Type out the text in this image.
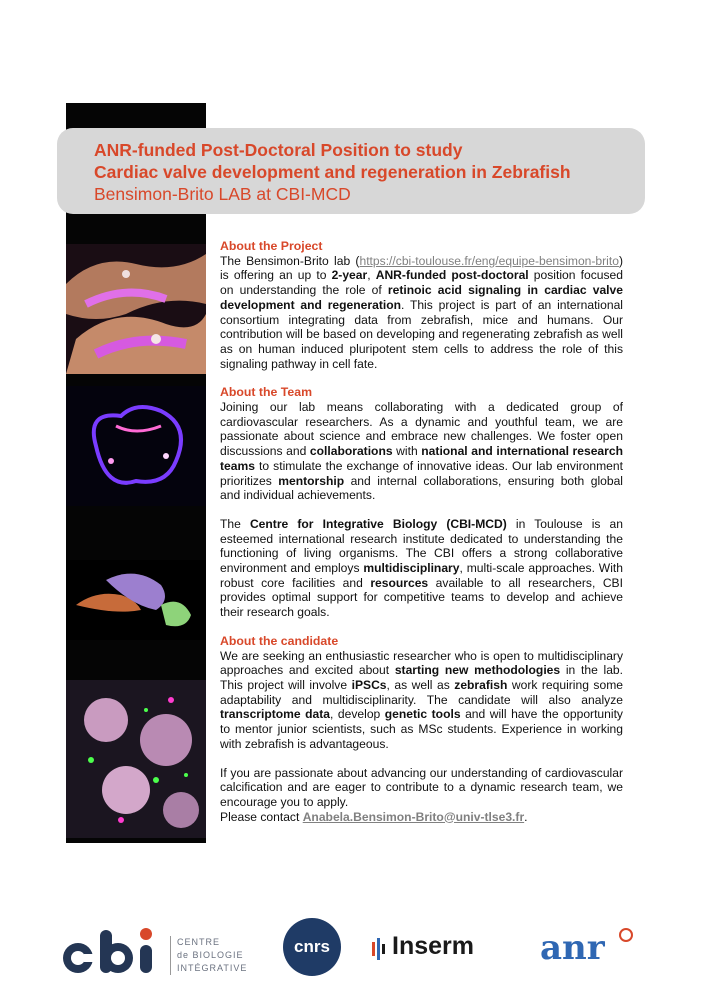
ANR-funded Post-Doctoral Position to study
Cardiac valve development and regeneration in Zebrafish
Bensimon-Brito LAB at CBI-MCD
About the Project

The Bensimon-Brito lab (https://cbi-toulouse.fr/eng/equipe-bensimon-brito) is offering an up to 2-year, ANR-funded post-doctoral position focused on understanding the role of retinoic acid signaling in cardiac valve development and regeneration. This project is part of an international consortium integrating data from zebrafish, mice and humans. Our contribution will be based on developing and regenerating zebrafish as well as on human induced pluripotent stem cells to address the role of this signaling pathway in cell fate.

About the Team

Joining our lab means collaborating with a dedicated group of cardiovascular researchers. As a dynamic and youthful team, we are passionate about science and embrace new challenges. We foster open discussions and collaborations with national and international research teams to stimulate the exchange of innovative ideas. Our lab environment prioritizes mentorship and internal collaborations, ensuring both global and individual achievements.

The Centre for Integrative Biology (CBI-MCD) in Toulouse is an esteemed international research institute dedicated to understanding the functioning of living organisms. The CBI offers a strong collaborative environment and employs multidisciplinary, multi-scale approaches. With robust core facilities and resources available to all researchers, CBI provides optimal support for competitive teams to develop and achieve their research goals.

About the candidate

We are seeking an enthusiastic researcher who is open to multidisciplinary approaches and excited about starting new methodologies in the lab. This project will involve iPSCs, as well as zebrafish work requiring some adaptability and multidisciplinarity. The candidate will also analyze transcriptome data, develop genetic tools and will have the opportunity to mentor junior scientists, such as MSc students. Experience in working with zebrafish is advantageous.

If you are passionate about advancing our understanding of cardiovascular calcification and are eager to contribute to a dynamic research team, we encourage you to apply.

Please contact Anabela.Bensimon-Brito@univ-tlse3.fr.

CENTRE
de BIOLOGIE
INTÉGRATIVE
cnrs	Inserm anr
